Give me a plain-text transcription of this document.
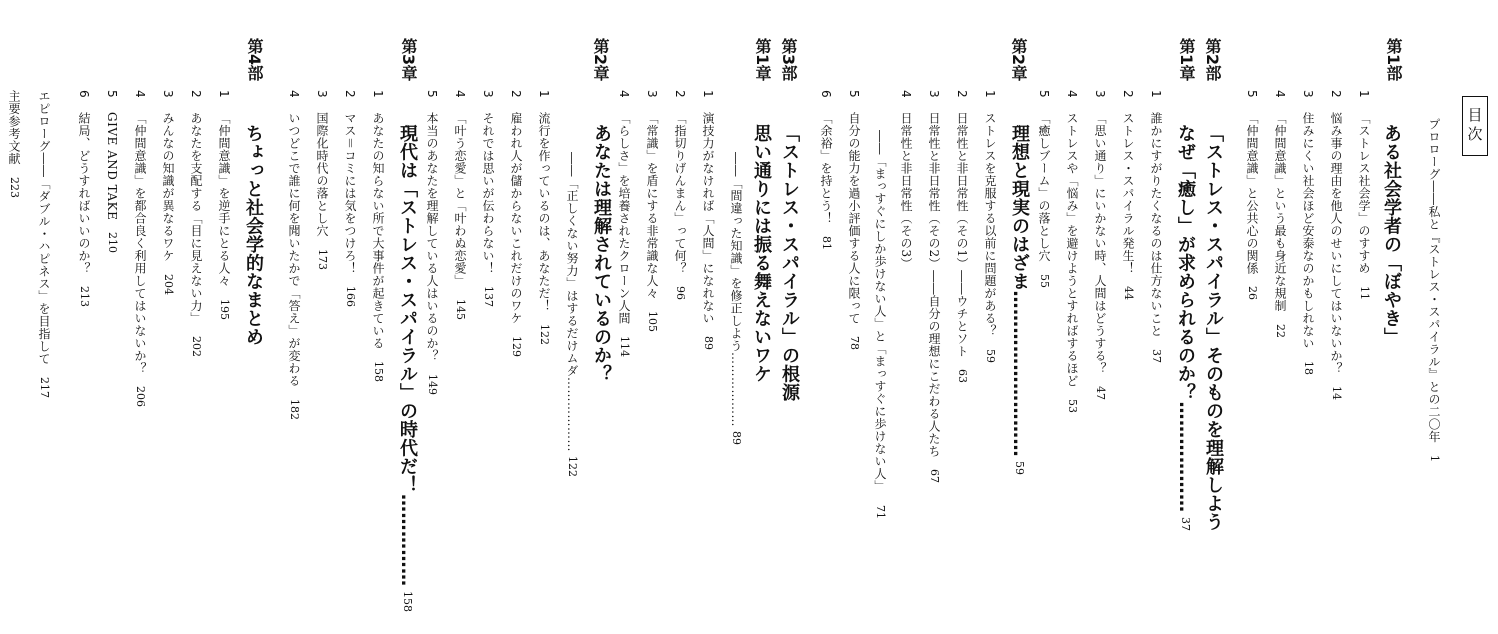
目次
プロローグ――私と『ストレス・スパイラル』との二〇年1
第1部
ある社会学者の「ぼやき」
1「ストレス社会学」のすすめ11
2悩み事の理由を他人のせいにしてはいないか？14
3住みにくい社会ほど安泰なのかもしれない18
4「仲間意識」という最も身近な規制22
5「仲間意識」と公共心の関係26
第2部
第1章
「ストレス・スパイラル」そのものを理解しよう
なぜ「癒し」が求められるのか？………………37
1誰かにすがりたくなるのは仕方ないこと37
2ストレス・スパイラル発生！44
3「思い通り」にいかない時、人間はどうする？47
4ストレスや「悩み」を避けようとすればするほど53
5「癒しブーム」の落とし穴55
第2章
理想と現実のはざま………………………59
1ストレスを克服する以前に問題がある？59
2日常性と非日常性（その1）――ウチとソト63
3日常性と非日常性（その2）――自分の理想にこだわる人たち67
4日常性と非日常性（その3）
――「まっすぐにしか歩けない人」と「まっすぐに歩けない人」71
5自分の能力を過小評価する人に限って78
6「余裕」を持とう！81
第3部
第1章
「ストレス・スパイラル」の根源
思い通りには振る舞えないワケ
――「間違った知識」を修正しよう………………89
1演技力がなければ「人間」になれない89
2「指切りげんまん」って何？96
3「常識」を盾にする非常識な人々105
4「らしさ」を培養されたクローン人間114
第2章
あなたは理解されているのか？
――「正しくない努力」はするだけムダ………………122
1流行を作っているのは、あなただ！122
2雇われ人が儲からないこれだけのワケ129
3それでは思いが伝わらない！137
4「叶う恋愛」と「叶わぬ恋愛」145
5本当のあなたを理解している人はいるのか？149
第3章
現代は「ストレス・スパイラル」の時代だ！……………158
1あなたの知らない所で大事件が起きている158
2マス＝コミには気をつけろ！166
3国際化時代の落とし穴173
4いつどこで誰に何を聞いたかで「答え」が変わる182
第4部
ちょっと社会学的なまとめ
1「仲間意識」を逆手にとる人々195
2あなたを支配する「目に見えない力」202
3みんなの知識が異なるワケ204
4「仲間意識」を都合良く利用してはいないか？206
5GIVE AND TAKE210
6結局、どうすればいいのか？213
エピローグ――「ダブル・ハピネス」を目指して217
主要参考文献223
